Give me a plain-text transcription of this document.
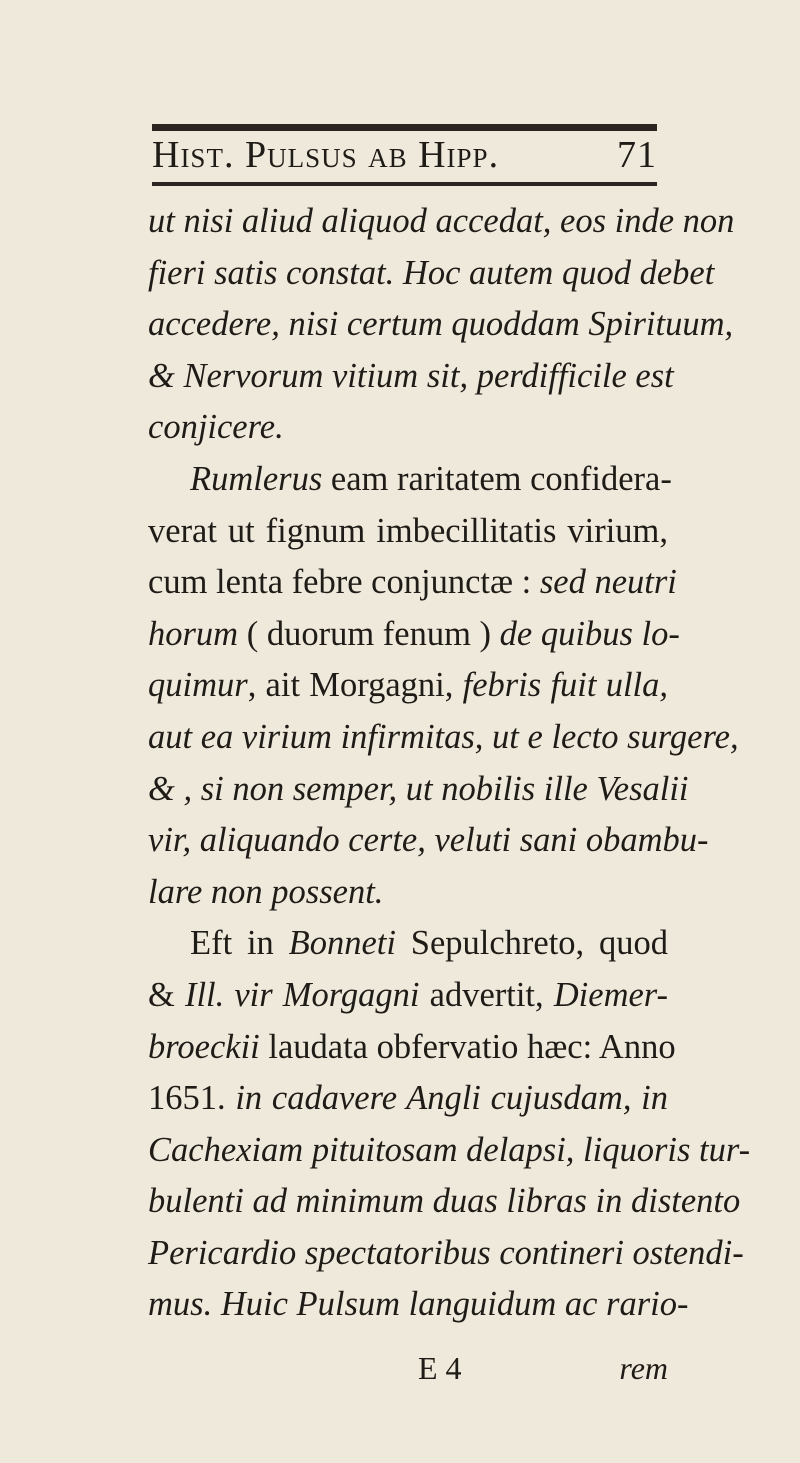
Hist. Pulsus ab Hipp.	71
ut nisi aliud aliquod accedat, eos inde non
fieri satis constat. Hoc autem quod debet
accedere, nisi certum quoddam Spirituum,
& Nervorum vitium sit, perdifficile est
conjicere.
Rumlerus eam raritatem confidera-
verat ut fignum imbecillitatis virium,
cum lenta febre conjunctæ : sed neutri
horum ( duorum fenum ) de quibus lo-
quimur, ait Morgagni, febris fuit ulla,
aut ea virium infirmitas, ut e lecto surgere,
& , si non semper, ut nobilis ille Vesalii
vir, aliquando certe, veluti sani obambu-
lare non possent.
Eft in Bonneti Sepulchreto, quod
& Ill. vir Morgagni advertit, Diemer-
broeckii laudata obfervatio hæc: Anno
1651. in cadavere Angli cujusdam, in
Cachexiam pituitosam delapsi, liquoris tur-
bulenti ad minimum duas libras in distento
Pericardio spectatoribus contineri ostendi-
mus. Huic Pulsum languidum ac rario-
E 4	rem
